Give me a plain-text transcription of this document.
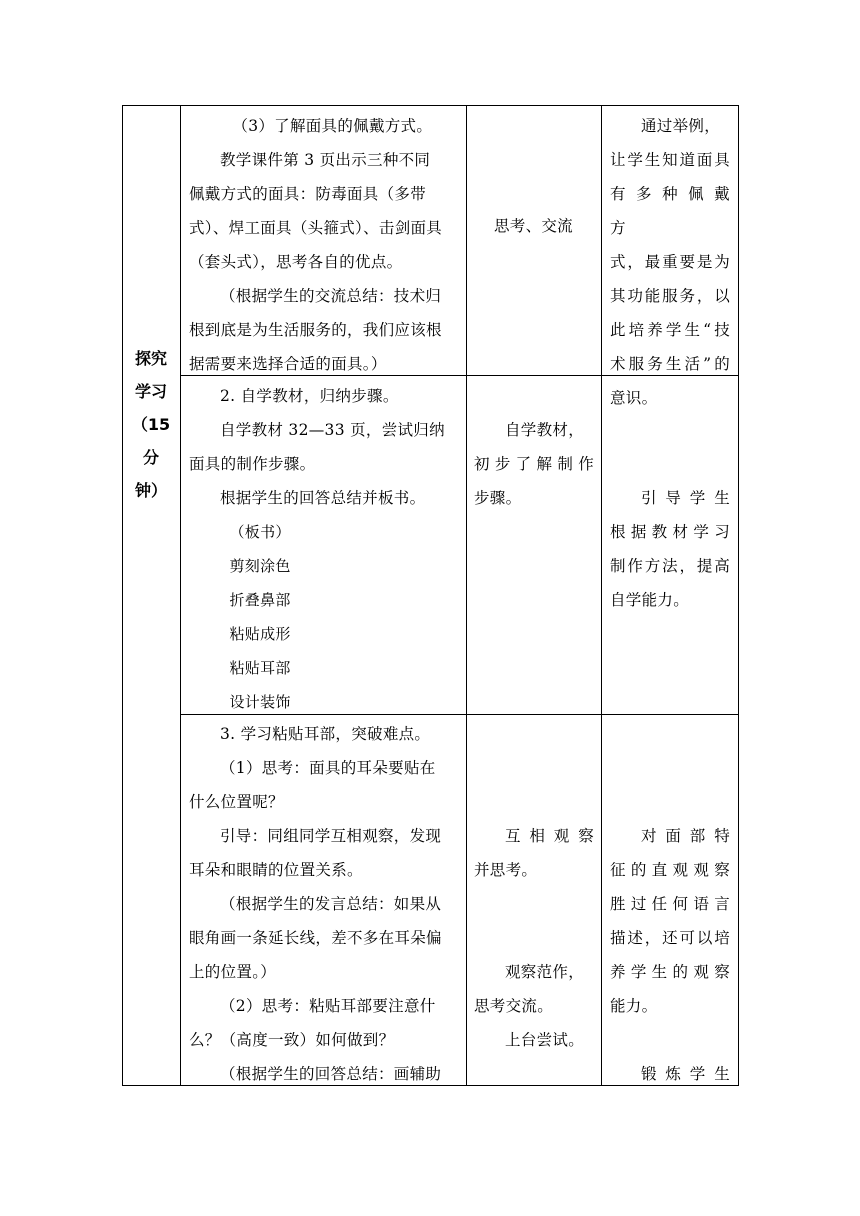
探究
学习
（15
分
钟）

（3）了解面具的佩戴方式。

教学课件第 3 页出示三种不同

佩戴方式的面具：防毒面具（多带

式）、焊工面具（头箍式）、击剑面具

（套头式），思考各自的优点。

（根据学生的交流总结：技术归

根到底是为生活服务的，我们应该根

据需要来选择合适的面具。）

思考、交流

通过举例，

让学生知道面具

有 多 种 佩 戴 方

式，最重要是为

其功能服务，以

此培养学生“技

术服务生活”的

意识。

2. 自学教材，归纳步骤。

自学教材 32—33 页，尝试归纳

面具的制作步骤。

根据学生的回答总结并板书。

（板书）

剪刻涂色

折叠鼻部

粘贴成形

粘贴耳部

设计装饰

自学教材，

初步了解制作

步骤。	引 导 学 生

根据教材学习

制作方法，提高

自学能力。

3. 学习粘贴耳部，突破难点。

（1）思考：面具的耳朵要贴在

什么位置呢？

引导：同组同学互相观察，发现

耳朵和眼睛的位置关系。

（根据学生的发言总结：如果从

眼角画一条延长线，差不多在耳朵偏

上的位置。）

（2）思考：粘贴耳部要注意什

么？（高度一致）如何做到？

（根据学生的回答总结：画辅助

互相观察

并思考。

观察范作，

思考交流。

上台尝试。

对 面 部 特

征的直观观察

胜过任何语言

描述，还可以培

养学生的观察

能力。

锻 炼 学 生
